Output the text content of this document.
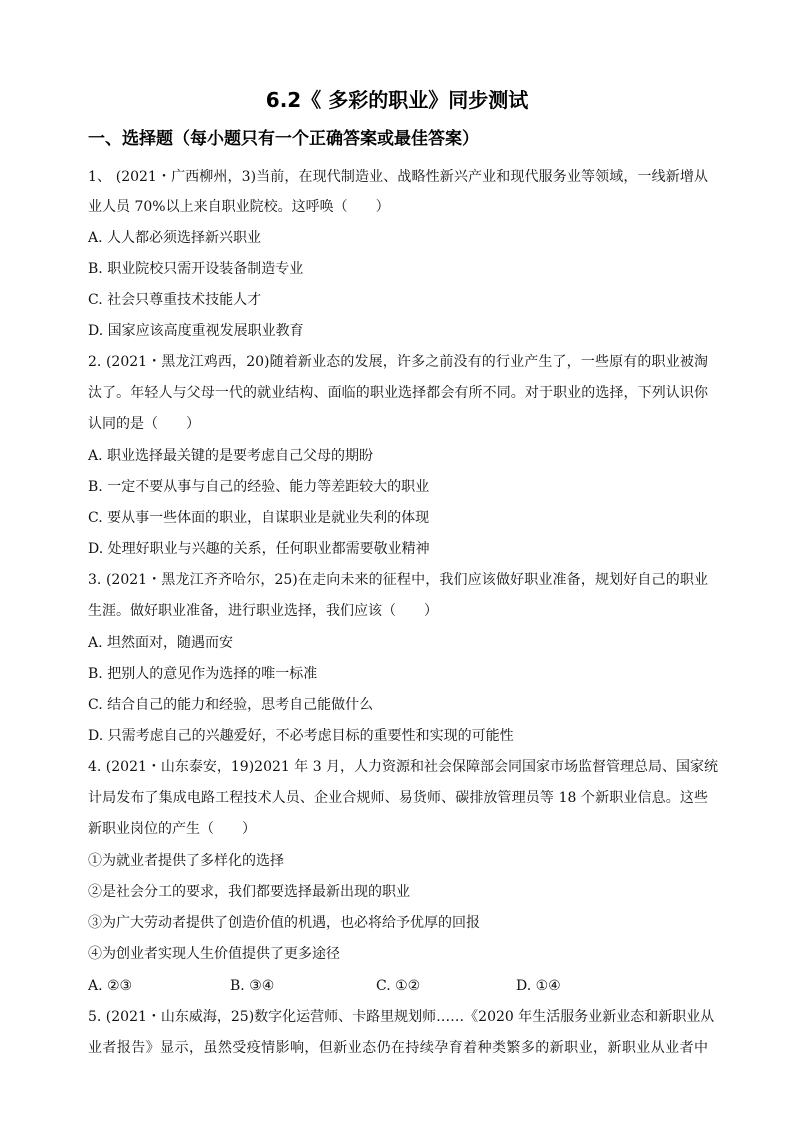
6.2《 多彩的职业》同步测试
一、选择题（每小题只有一个正确答案或最佳答案）
1、 (2021・广西柳州，3)当前，在现代制造业、战略性新兴产业和现代服务业等领域，一线新增从
业人员 70%以上来自职业院校。这呼唤（　　）
A. 人人都必须选择新兴职业
B. 职业院校只需开设装备制造专业
C. 社会只尊重技术技能人才
D. 国家应该高度重视发展职业教育
2. (2021・黑龙江鸡西，20)随着新业态的发展，许多之前没有的行业产生了，一些原有的职业被淘
汰了。年轻人与父母一代的就业结构、面临的职业选择都会有所不同。对于职业的选择，下列认识你
认同的是（　　）
A. 职业选择最关键的是要考虑自己父母的期盼
B. 一定不要从事与自己的经验、能力等差距较大的职业
C. 要从事一些体面的职业，自谋职业是就业失利的体现
D. 处理好职业与兴趣的关系，任何职业都需要敬业精神
3. (2021・黑龙江齐齐哈尔，25)在走向未来的征程中，我们应该做好职业准备，规划好自己的职业
生涯。做好职业准备，进行职业选择，我们应该（　　）
A. 坦然面对，随遇而安
B. 把别人的意见作为选择的唯一标准
C. 结合自己的能力和经验，思考自己能做什么
D. 只需考虑自己的兴趣爱好，不必考虑目标的重要性和实现的可能性
4. (2021・山东泰安，19)2021 年 3 月，人力资源和社会保障部会同国家市场监督管理总局、国家统
计局发布了集成电路工程技术人员、企业合规师、易货师、碳排放管理员等 18 个新职业信息。这些
新职业岗位的产生（　　）
①为就业者提供了多样化的选择
②是社会分工的要求，我们都要选择最新出现的职业
③为广大劳动者提供了创造价值的机遇，也必将给予优厚的回报
④为创业者实现人生价值提供了更多途径
A. ②③	B. ③④	C. ①②	D. ①④
5. (2021・山东威海，25)数字化运营师、卡路里规划师……《2020 年生活服务业新业态和新职业从
业者报告》显示，虽然受疫情影响，但新业态仍在持续孕育着种类繁多的新职业，新职业从业者中
